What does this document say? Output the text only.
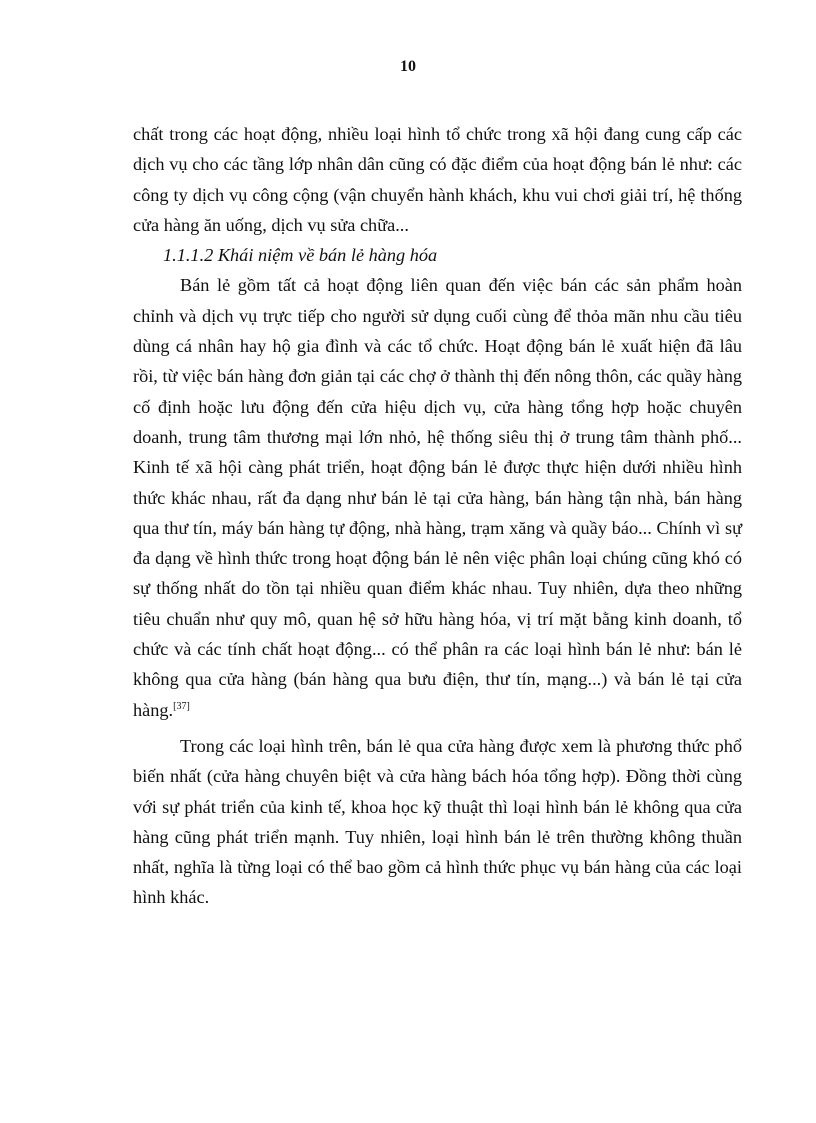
10

chất trong các hoạt động, nhiều loại hình tổ chức trong xã hội đang cung cấp các dịch vụ cho các tầng lớp nhân dân cũng có đặc điểm của hoạt động bán lẻ như: các công ty dịch vụ công cộng (vận chuyển hành khách, khu vui chơi giải trí, hệ thống cửa hàng ăn uống, dịch vụ sửa chữa...

1.1.1.2 Khái niệm về bán lẻ hàng hóa

Bán lẻ gồm tất cả hoạt động liên quan đến việc bán các sản phẩm hoàn chỉnh và dịch vụ trực tiếp cho người sử dụng cuối cùng để thỏa mãn nhu cầu tiêu dùng cá nhân hay hộ gia đình và các tổ chức. Hoạt động bán lẻ xuất hiện đã lâu rồi, từ việc bán hàng đơn giản tại các chợ ở thành thị đến nông thôn, các quầy hàng cố định hoặc lưu động đến cửa hiệu dịch vụ, cửa hàng tổng hợp hoặc chuyên doanh, trung tâm thương mại lớn nhỏ, hệ thống siêu thị ở trung tâm thành phố... Kinh tế xã hội càng phát triển, hoạt động bán lẻ được thực hiện dưới nhiều hình thức khác nhau, rất đa dạng như bán lẻ tại cửa hàng, bán hàng tận nhà, bán hàng qua thư tín, máy bán hàng tự động, nhà hàng, trạm xăng và quầy báo... Chính vì sự đa dạng về hình thức trong hoạt động bán lẻ nên việc phân loại chúng cũng khó có sự thống nhất do tồn tại nhiều quan điểm khác nhau. Tuy nhiên, dựa theo những tiêu chuẩn như quy mô, quan hệ sở hữu hàng hóa, vị trí mặt bằng kinh doanh, tổ chức và các tính chất hoạt động... có thể phân ra các loại hình bán lẻ như: bán lẻ không qua cửa hàng (bán hàng qua bưu điện, thư tín, mạng...) và bán lẻ tại cửa hàng.[37]

Trong các loại hình trên, bán lẻ qua cửa hàng được xem là phương thức phổ biến nhất (cửa hàng chuyên biệt và cửa hàng bách hóa tổng hợp). Đồng thời cùng với sự phát triển của kinh tế, khoa học kỹ thuật thì loại hình bán lẻ không qua cửa hàng cũng phát triển mạnh. Tuy nhiên, loại hình bán lẻ trên thường không thuần nhất, nghĩa là từng loại có thể bao gồm cả hình thức phục vụ bán hàng của các loại hình khác.
